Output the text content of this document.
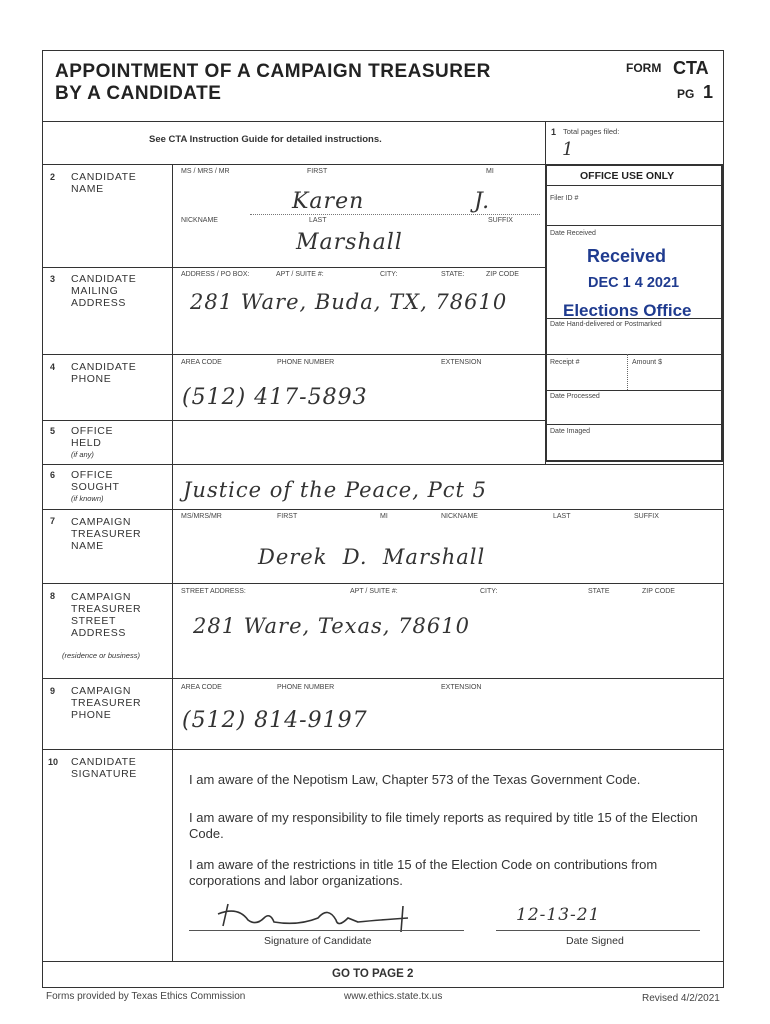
APPOINTMENT OF A CAMPAIGN TREASURER
BY A CANDIDATE
FORM CTA
PG 1
See CTA Instruction Guide for detailed instructions.
1 Total pages filed:
1
OFFICE USE ONLY
Filer ID #
Date Received
Received
DEC 1 4 2021
Elections Office
Date Hand-delivered or Postmarked
Receipt #	Amount $
Date Processed
Date Imaged
2 CANDIDATE
NAME
MS / MRS / MR	FIRST	MI
Karen	J.
NICKNAME	LAST	SUFFIX
Marshall
3 CANDIDATE
MAILING
ADDRESS
ADDRESS / PO BOX:	APT / SUITE #:	CITY:	STATE:	ZIP CODE
281 Ware, Buda, TX, 78610
4 CANDIDATE
PHONE
AREA CODE	PHONE NUMBER	EXTENSION
(512) 417-5893
5 OFFICE
HELD
(if any)
6 OFFICE
SOUGHT
(if known)	Justice of the Peace, Pct 5
7 CAMPAIGN
TREASURER
NAME
MS/MRS/MR	FIRST	MI	NICKNAME	LAST	SUFFIX
Derek  D.  Marshall
8 CAMPAIGN
TREASURER
STREET
ADDRESS
(residence or business)
STREET ADDRESS:	APT / SUITE #:	CITY:	STATE	ZIP CODE
281 Ware, Texas, 78610
9 CAMPAIGN
TREASURER
PHONE
AREA CODE	PHONE NUMBER	EXTENSION
(512) 814-9197
10 CANDIDATE
SIGNATURE	I am aware of the Nepotism Law, Chapter 573 of the Texas Government Code.
I am aware of my responsibility to file timely reports as required by title 15 of the Election Code.
I am aware of the restrictions in title 15 of the Election Code on contributions from corporations and labor organizations.
Signature of Candidate	Date Signed
12-13-21
GO TO PAGE 2
Forms provided by Texas Ethics Commission	www.ethics.state.tx.us	Revised 4/2/2021
